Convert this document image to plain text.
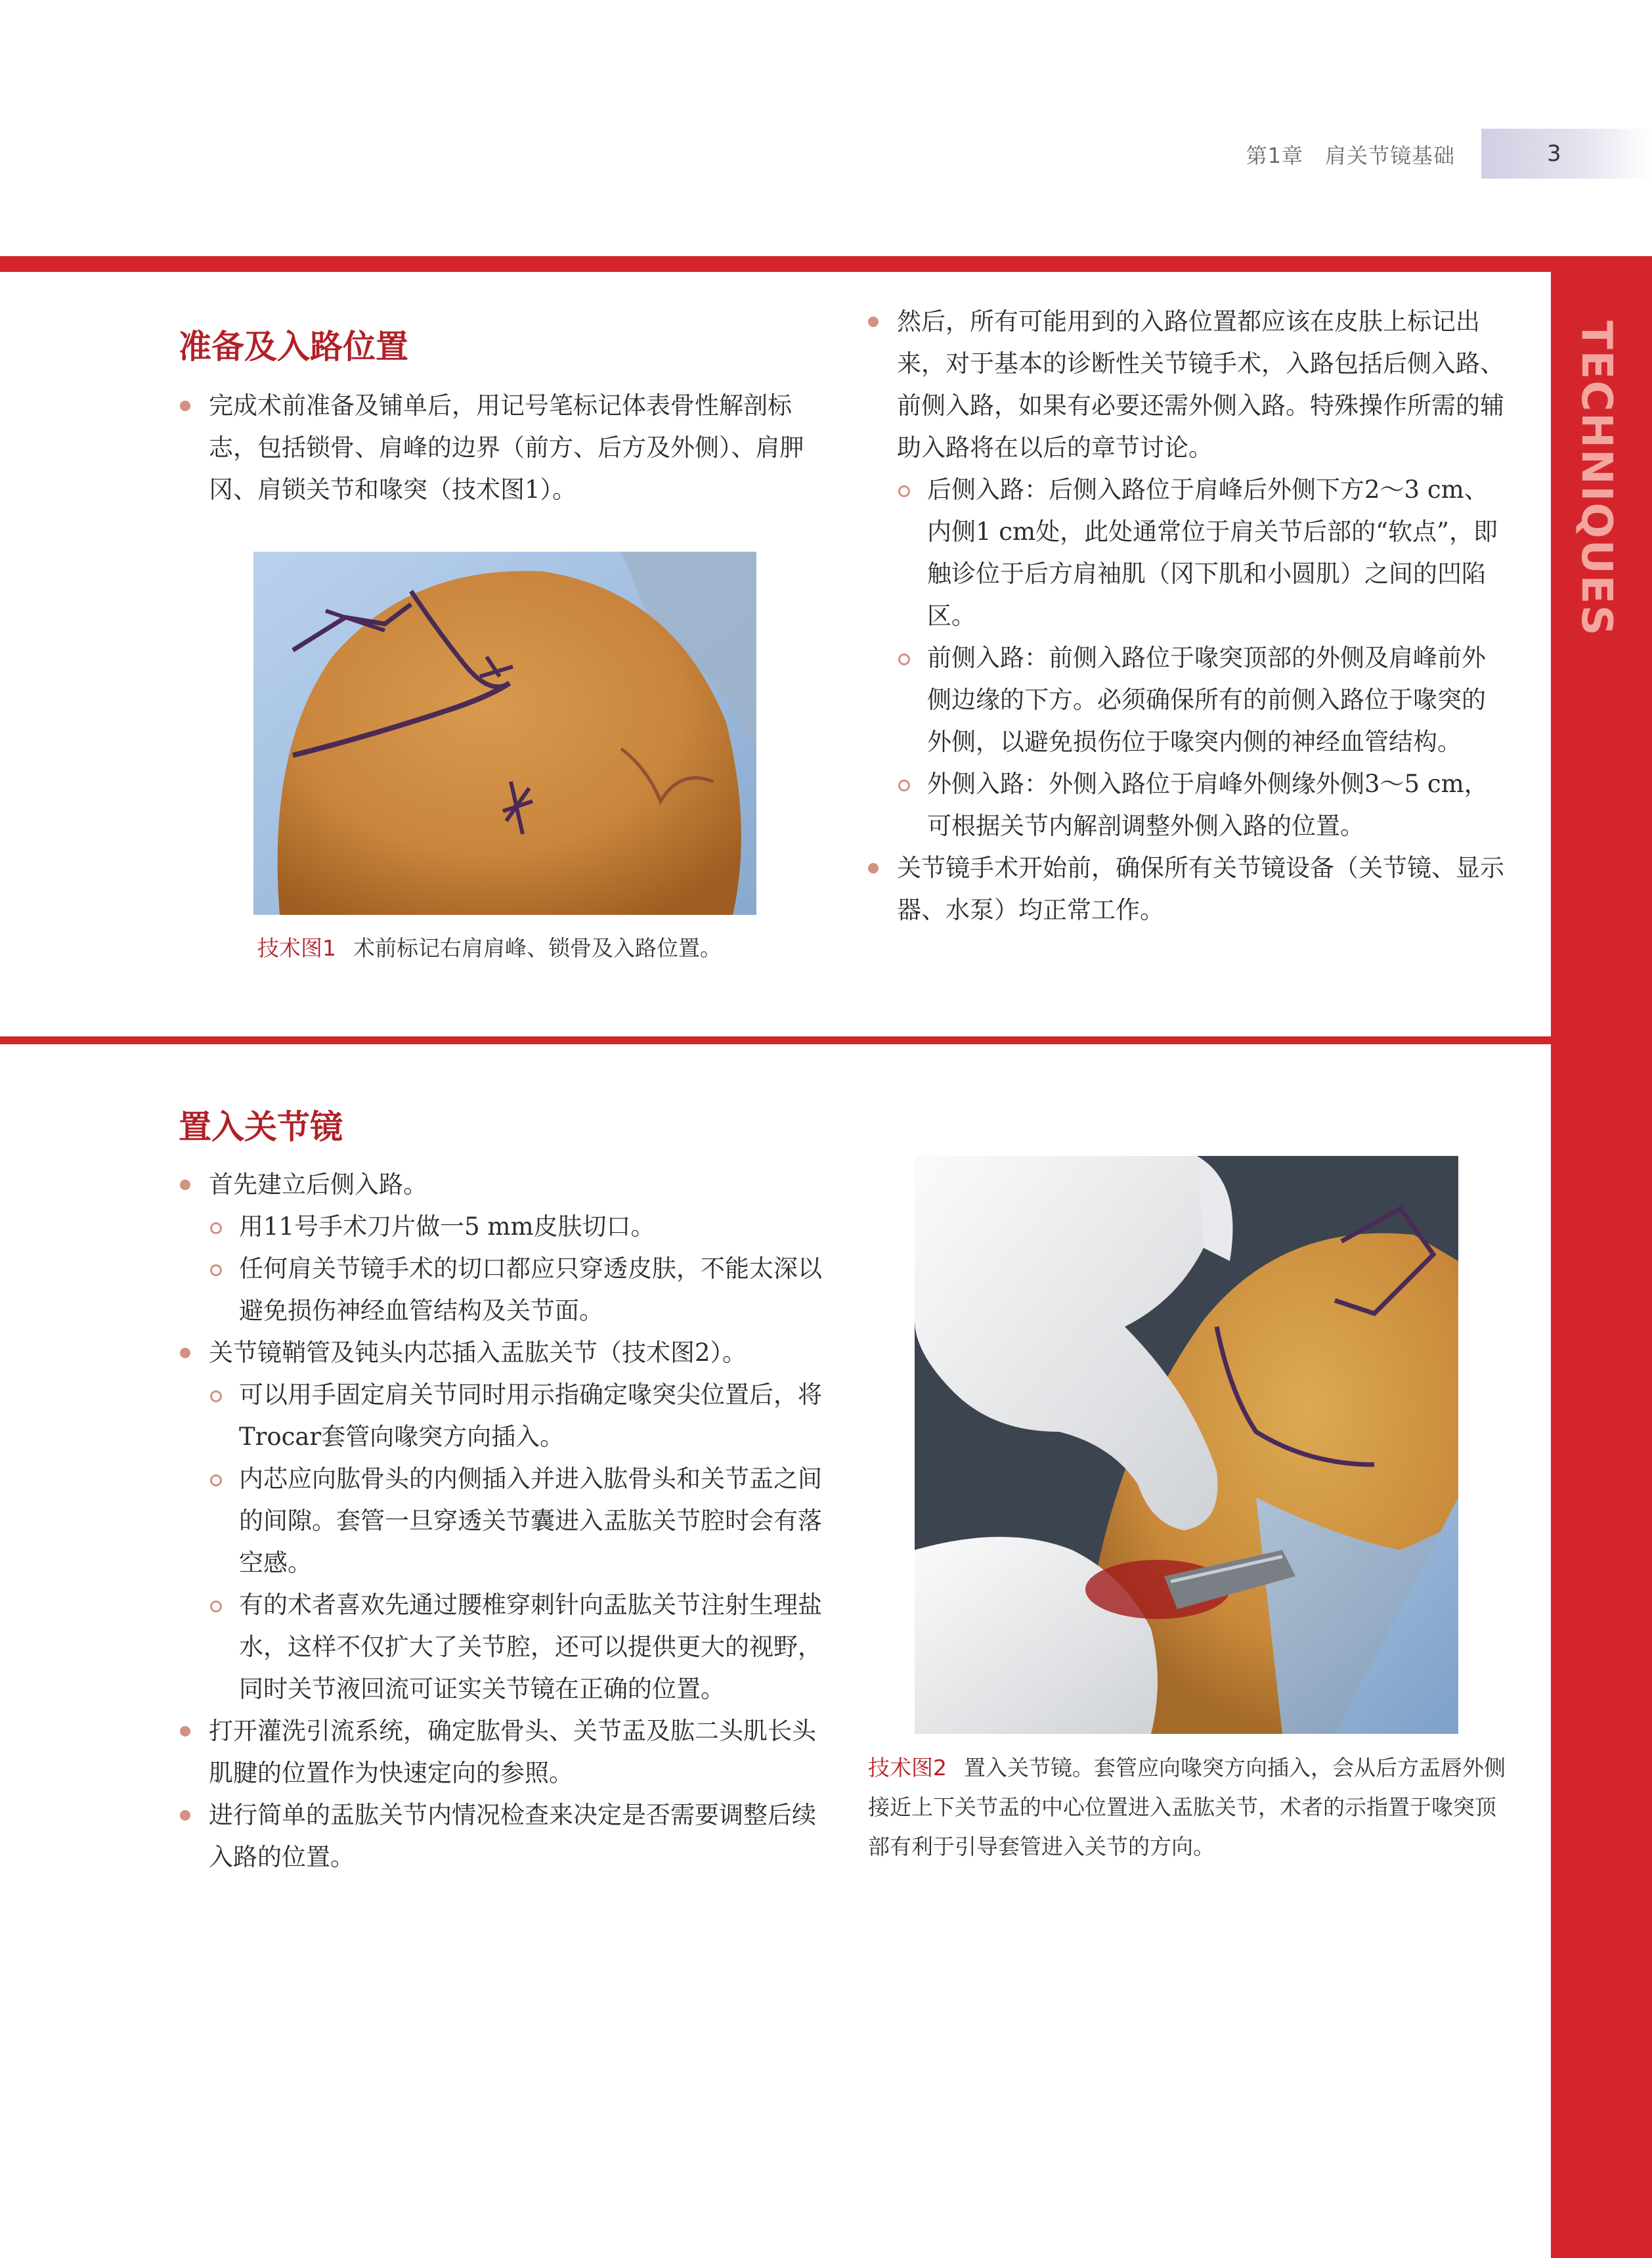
第1章　肩关节镜基础	3
TECHNIQUES
准备及入路位置
完成术前准备及铺单后，用记号笔标记体表骨性解剖标志，包括锁骨、肩峰的边界（前方、后方及外侧）、肩胛冈、肩锁关节和喙突（技术图1）。
技术图1 术前标记右肩肩峰、锁骨及入路位置。
然后，所有可能用到的入路位置都应该在皮肤上标记出来，对于基本的诊断性关节镜手术，入路包括后侧入路、前侧入路，如果有必要还需外侧入路。特殊操作所需的辅助入路将在以后的章节讨论。
后侧入路：后侧入路位于肩峰后外侧下方2～3 cm、内侧1 cm处，此处通常位于肩关节后部的“软点”，即触诊位于后方肩袖肌（冈下肌和小圆肌）之间的凹陷区。
前侧入路：前侧入路位于喙突顶部的外侧及肩峰前外侧边缘的下方。必须确保所有的前侧入路位于喙突的外侧，以避免损伤位于喙突内侧的神经血管结构。
外侧入路：外侧入路位于肩峰外侧缘外侧3～5 cm，可根据关节内解剖调整外侧入路的位置。
关节镜手术开始前，确保所有关节镜设备（关节镜、显示器、水泵）均正常工作。
置入关节镜
首先建立后侧入路。
用11号手术刀片做一5 mm皮肤切口。
任何肩关节镜手术的切口都应只穿透皮肤，不能太深以避免损伤神经血管结构及关节面。
关节镜鞘管及钝头内芯插入盂肱关节（技术图2）。
可以用手固定肩关节同时用示指确定喙突尖位置后，将Trocar套管向喙突方向插入。
内芯应向肱骨头的内侧插入并进入肱骨头和关节盂之间的间隙。套管一旦穿透关节囊进入盂肱关节腔时会有落空感。
有的术者喜欢先通过腰椎穿刺针向盂肱关节注射生理盐水，这样不仅扩大了关节腔，还可以提供更大的视野，同时关节液回流可证实关节镜在正确的位置。
打开灌洗引流系统，确定肱骨头、关节盂及肱二头肌长头肌腱的位置作为快速定向的参照。
进行简单的盂肱关节内情况检查来决定是否需要调整后续入路的位置。
技术图2 置入关节镜。套管应向喙突方向插入，会从后方盂唇外侧接近上下关节盂的中心位置进入盂肱关节，术者的示指置于喙突顶部有利于引导套管进入关节的方向。
